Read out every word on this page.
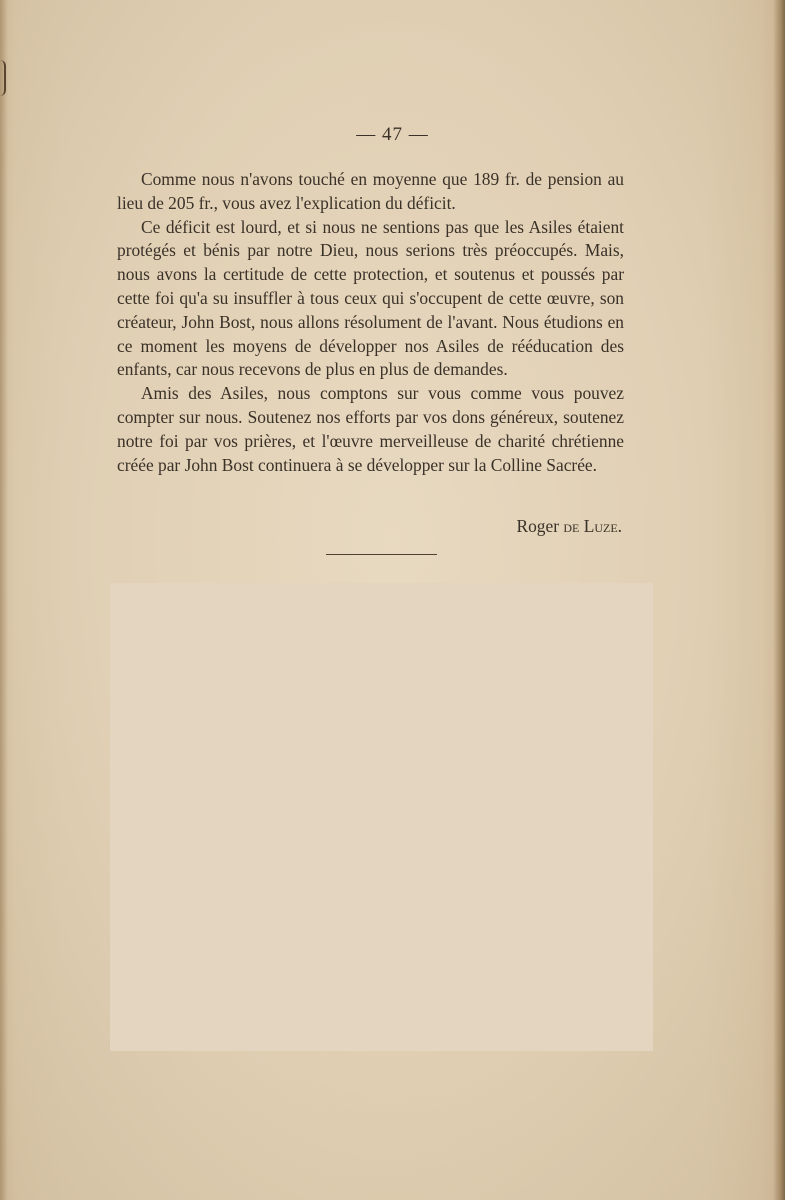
— 47 —

Comme nous n'avons touché en moyenne que 189 fr. de pension au lieu de 205 fr., vous avez l'explication du déficit.

Ce déficit est lourd, et si nous ne sentions pas que les Asiles étaient protégés et bénis par notre Dieu, nous serions très préoccupés. Mais, nous avons la certitude de cette protection, et soutenus et poussés par cette foi qu'a su insuffler à tous ceux qui s'occupent de cette œuvre, son créateur, John Bost, nous allons résolument de l'avant. Nous étudions en ce moment les moyens de développer nos Asiles de rééducation des enfants, car nous recevons de plus en plus de demandes.

Amis des Asiles, nous comptons sur vous comme vous pouvez compter sur nous. Soutenez nos efforts par vos dons généreux, soutenez notre foi par vos prières, et l'œuvre merveilleuse de charité chrétienne créée par John Bost continuera à se développer sur la Colline Sacrée.

Roger de Luze.
